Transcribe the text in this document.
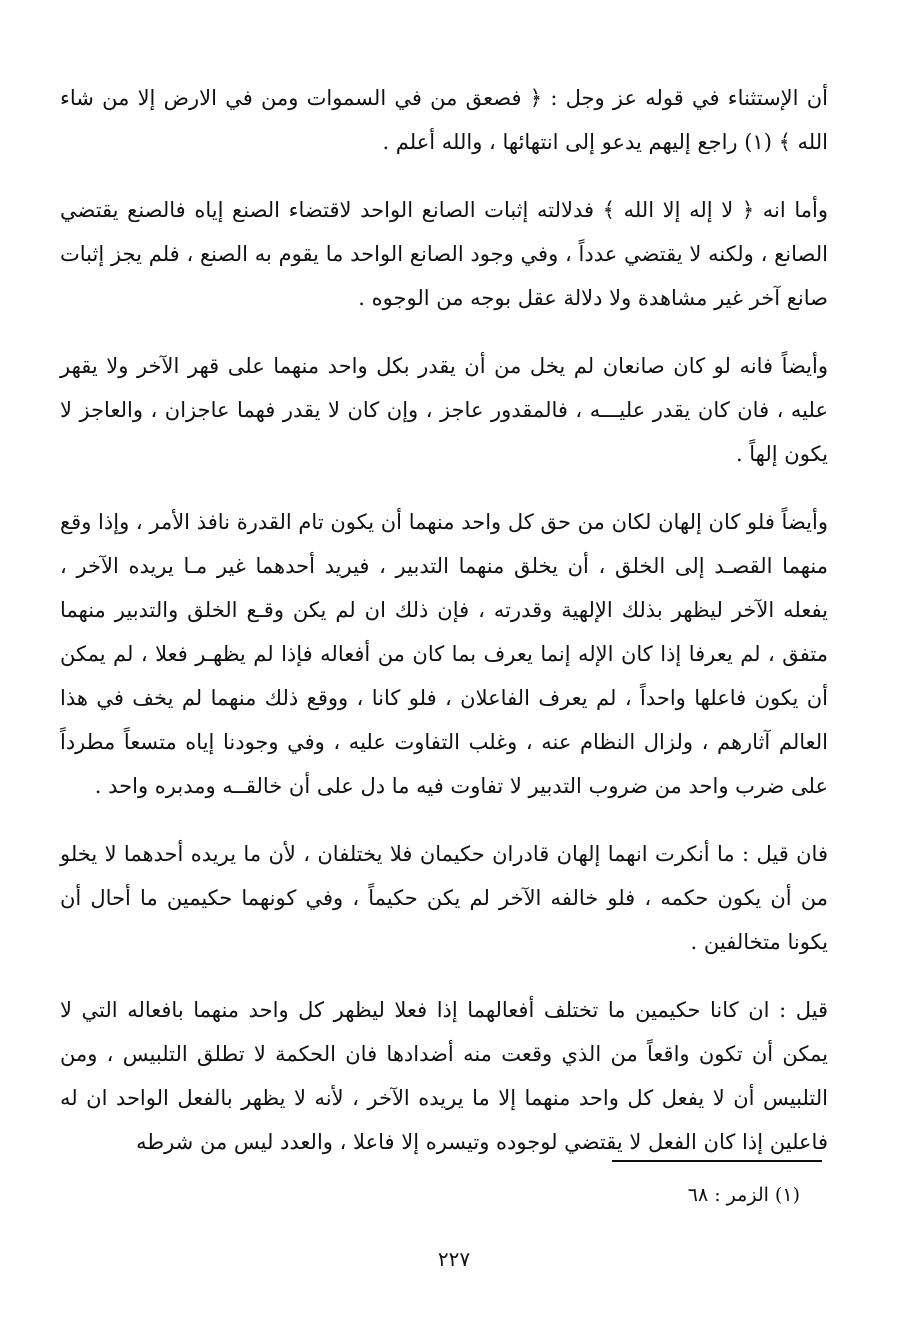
أن الإستثناء في قوله عز وجل : ﴿ فصعق من في السموات ومن في الارض إلا من شاء الله ﴾ (١) راجع إليهم يدعو إلى انتهائها ، والله أعلم .

وأما انه ﴿ لا إله إلا الله ﴾ فدلالته إثبات الصانع الواحد لاقتضاء الصنع إياه فالصنع يقتضي الصانع ، ولكنه لا يقتضي عدداً ، وفي وجود الصانع الواحد ما يقوم به الصنع ، فلم يجز إثبات صانع آخر غير مشاهدة ولا دلالة عقل بوجه من الوجوه .

وأيضاً فانه لو كان صانعان لم يخل من أن يقدر بكل واحد منهما على قهر الآخر ولا يقهر عليه ، فان كان يقدر عليـــه ، فالمقدور عاجز ، وإن كان لا يقدر فهما عاجزان ، والعاجز لا يكون إلهاً .

وأيضاً فلو كان إلهان لكان من حق كل واحد منهما أن يكون تام القدرة نافذ الأمر ، وإذا وقع منهما القصـد إلى الخلق ، أن يخلق منهما التدبير ، فيريد أحدهما غير مـا يريده الآخر ، يفعله الآخر ليظهر بذلك الإلهية وقدرته ، فإن ذلك ان لم يكن وقـع الخلق والتدبير منهما متفق ، لم يعرفا إذا كان الإله إنما يعرف بما كان من أفعاله فإذا لم يظهـر فعلا ، لم يمكن أن يكون فاعلها واحداً ، لم يعرف الفاعلان ، فلو كانا ، ووقع ذلك منهما لم يخف في هذا العالم آثارهم ، ولزال النظام عنه ، وغلب التفاوت عليه ، وفي وجودنا إياه متسعاً مطرداً على ضرب واحد من ضروب التدبير لا تفاوت فيه ما دل على أن خالقــه ومدبره واحد .

فان قيل : ما أنكرت انهما إلهان قادران حكيمان فلا يختلفان ، لأن ما يريده أحدهما لا يخلو من أن يكون حكمه ، فلو خالفه الآخر لم يكن حكيماً ، وفي كونهما حكيمين ما أحال أن يكونا متخالفين .

قيل : ان كانا حكيمين ما تختلف أفعالهما إذا فعلا ليظهر كل واحد منهما بافعاله التي لا يمكن أن تكون واقعاً من الذي وقعت منه أضدادها فان الحكمة لا تطلق التلبيس ، ومن التلبيس أن لا يفعل كل واحد منهما إلا ما يريده الآخر ، لأنه لا يظهر بالفعل الواحد ان له فاعلين إذا كان الفعل لا يقتضي لوجوده وتيسره إلا فاعلا ، والعدد ليس من شرطه

(١) الزمر : ٦٨
٢٢٧
